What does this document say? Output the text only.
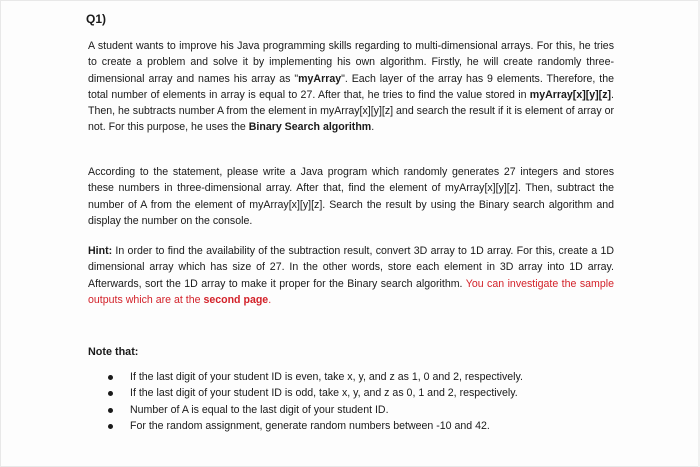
Q1)

A student wants to improve his Java programming skills regarding to multi-dimensional arrays. For this, he tries to create a problem and solve it by implementing his own algorithm. Firstly, he will create randomly three-dimensional array and names his array as "myArray". Each layer of the array has 9 elements. Therefore, the total number of elements in array is equal to 27. After that, he tries to find the value stored in myArray[x][y][z]. Then, he subtracts number A from the element in myArray[x][y][z] and search the result if it is element of array or not. For this purpose, he uses the Binary Search algorithm.

According to the statement, please write a Java program which randomly generates 27 integers and stores these numbers in three-dimensional array. After that, find the element of myArray[x][y][z]. Then, subtract the number of A from the element of myArray[x][y][z]. Search the result by using the Binary search algorithm and display the number on the console.

Hint: In order to find the availability of the subtraction result, convert 3D array to 1D array. For this, create a 1D dimensional array which has size of 27. In the other words, store each element in 3D array into 1D array. Afterwards, sort the 1D array to make it proper for the Binary search algorithm. You can investigate the sample outputs which are at the second page.

Note that:
If the last digit of your student ID is even, take x, y, and z as 1, 0 and 2, respectively.
If the last digit of your student ID is odd, take x, y, and z as 0, 1 and 2, respectively.
Number of A is equal to the last digit of your student ID.
For the random assignment, generate random numbers between -10 and 42.
